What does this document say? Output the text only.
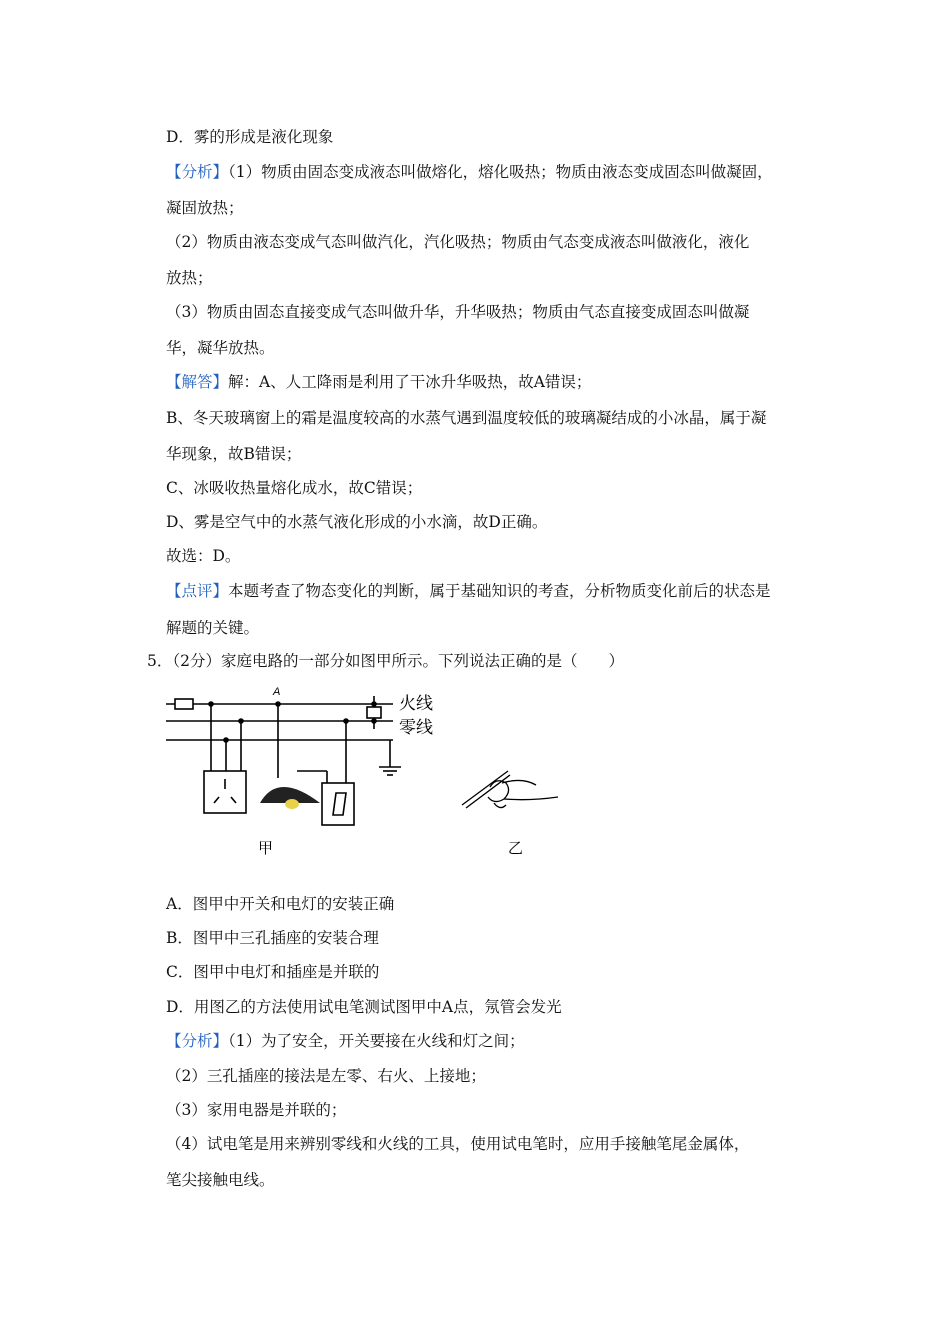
D．雾的形成是液化现象
【分析】（1）物质由固态变成液态叫做熔化，熔化吸热；物质由液态变成固态叫做凝固，
凝固放热；
（2）物质由液态变成气态叫做汽化，汽化吸热；物质由气态变成液态叫做液化，液化
放热；
（3）物质由固态直接变成气态叫做升华，升华吸热；物质由气态直接变成固态叫做凝
华，凝华放热。
【解答】解：A、人工降雨是利用了干冰升华吸热，故A错误；
B、冬天玻璃窗上的霜是温度较高的水蒸气遇到温度较低的玻璃凝结成的小冰晶，属于凝
华现象，故B错误；
C、冰吸收热量熔化成水，故C错误；
D、雾是空气中的水蒸气液化形成的小水滴，故D正确。
故选：D。
【点评】本题考查了物态变化的判断，属于基础知识的考查，分析物质变化前后的状态是
解题的关键。
5．（2分）家庭电路的一部分如图甲所示。下列说法正确的是（　　）
A
火线
零线
甲	乙
A．图甲中开关和电灯的安装正确
B．图甲中三孔插座的安装合理
C．图甲中电灯和插座是并联的
D．用图乙的方法使用试电笔测试图甲中A点，氖管会发光
【分析】（1）为了安全，开关要接在火线和灯之间；
（2）三孔插座的接法是左零、右火、上接地；
（3）家用电器是并联的；
（4）试电笔是用来辨别零线和火线的工具，使用试电笔时，应用手接触笔尾金属体，
笔尖接触电线。
